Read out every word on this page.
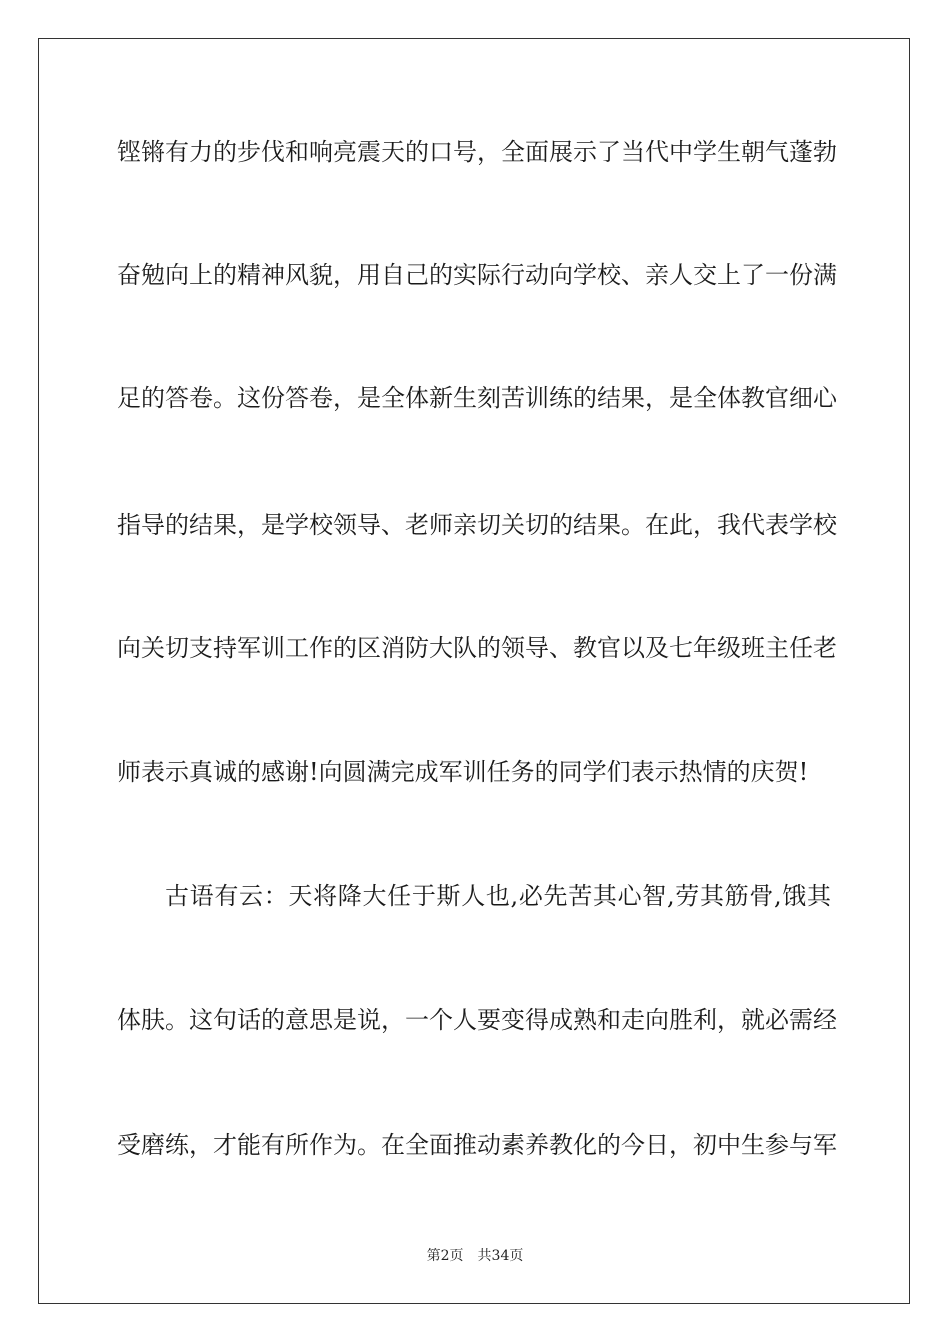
铿锵有力的步伐和响亮震天的口号，全面展示了当代中学生朝气蓬勃
奋勉向上的精神风貌，用自己的实际行动向学校、亲人交上了一份满
足的答卷。这份答卷，是全体新生刻苦训练的结果，是全体教官细心
指导的结果，是学校领导、老师亲切关切的结果。在此，我代表学校
向关切支持军训工作的区消防大队的领导、教官以及七年级班主任老
师表示真诚的感谢!向圆满完成军训任务的同学们表示热情的庆贺!
古语有云：天将降大任于斯人也,必先苦其心智,劳其筋骨,饿其
体肤。这句话的意思是说，一个人要变得成熟和走向胜利，就必需经
受磨练，才能有所作为。在全面推动素养教化的今日，初中生参与军
第2页 共34页
